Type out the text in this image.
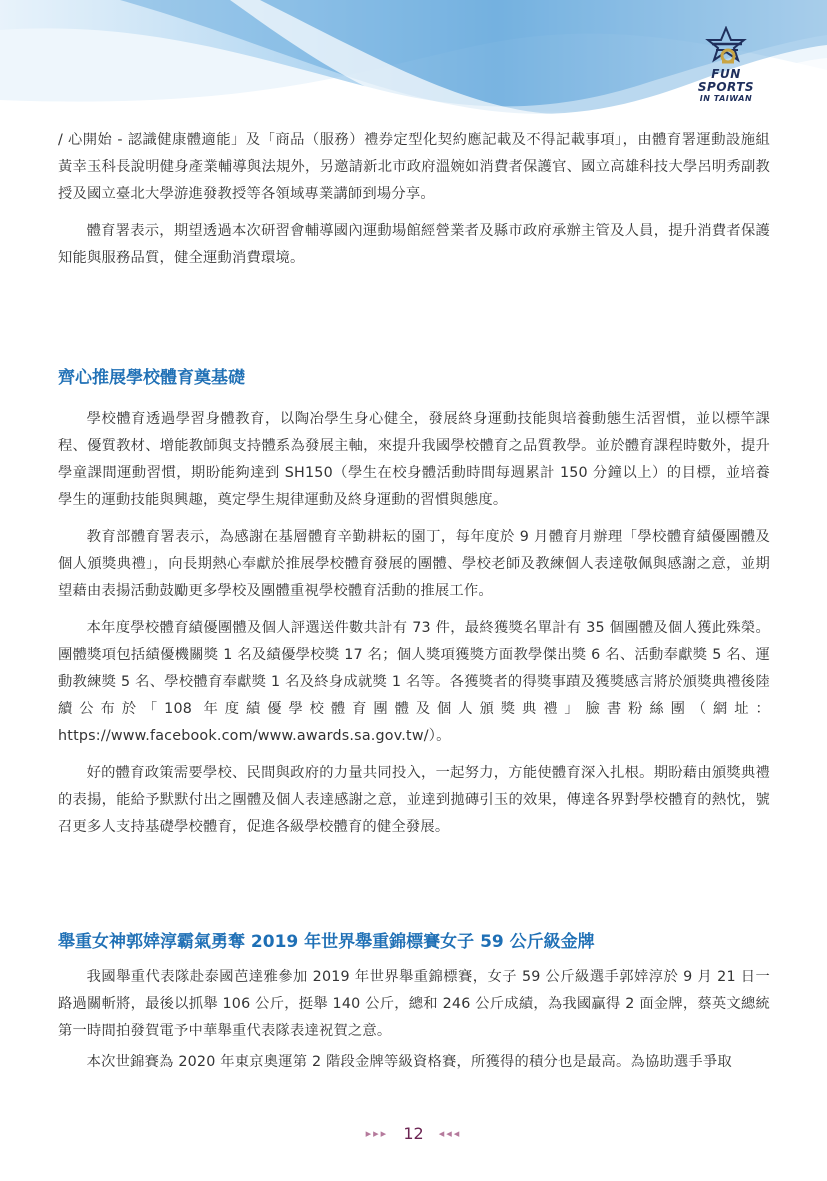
FUN SPORTS
IN TAIWAN

/ 心開始 - 認識健康體適能」及「商品（服務）禮券定型化契約應記載及不得記載事項」，由體育署運動設施組黃幸玉科長說明健身產業輔導與法規外，另邀請新北市政府溫婉如消費者保護官、國立高雄科技大學呂明秀副教授及國立臺北大學游進發教授等各領域專業講師到場分享。

體育署表示，期望透過本次研習會輔導國內運動場館經營業者及縣市政府承辦主管及人員，提升消費者保護知能與服務品質，健全運動消費環境。

齊心推展學校體育奠基礎

學校體育透過學習身體教育，以陶冶學生身心健全，發展終身運動技能與培養動態生活習慣，並以標竿課程、優質教材、增能教師與支持體系為發展主軸，來提升我國學校體育之品質教學。並於體育課程時數外，提升學童課間運動習慣，期盼能夠達到 SH150（學生在校身體活動時間每週累計 150 分鐘以上）的目標，並培養學生的運動技能與興趣，奠定學生規律運動及終身運動的習慣與態度。

教育部體育署表示，為感謝在基層體育辛勤耕耘的園丁，每年度於 9 月體育月辦理「學校體育績優團體及個人頒獎典禮」，向長期熱心奉獻於推展學校體育發展的團體、學校老師及教練個人表達敬佩與感謝之意，並期望藉由表揚活動鼓勵更多學校及團體重視學校體育活動的推展工作。

本年度學校體育績優團體及個人評選送件數共計有 73 件，最終獲獎名單計有 35 個團體及個人獲此殊榮。團體獎項包括績優機關獎 1 名及績優學校獎 17 名；個人獎項獲獎方面教學傑出獎 6 名、活動奉獻獎 5 名、運動教練獎 5 名、學校體育奉獻獎 1 名及終身成就獎 1 名等。各獲獎者的得獎事蹟及獲獎感言將於頒獎典禮後陸續公布於「108 年度績優學校體育團體及個人頒獎典禮」臉書粉絲團（網址：https://www.facebook.com/www.awards.sa.gov.tw/）。

好的體育政策需要學校、民間與政府的力量共同投入，一起努力，方能使體育深入扎根。期盼藉由頒獎典禮的表揚，能給予默默付出之團體及個人表達感謝之意，並達到拋磚引玉的效果，傳達各界對學校體育的熱忱，號召更多人支持基礎學校體育，促進各級學校體育的健全發展。

舉重女神郭婞淳霸氣勇奪 2019 年世界舉重錦標賽女子 59 公斤級金牌

我國舉重代表隊赴泰國芭達雅參加 2019 年世界舉重錦標賽，女子 59 公斤級選手郭婞淳於 9 月 21 日一路過關斬將，最後以抓舉 106 公斤，挺舉 140 公斤，總和 246 公斤成績，為我國贏得 2 面金牌，蔡英文總統第一時間拍發賀電予中華舉重代表隊表達祝賀之意。

本次世錦賽為 2020 年東京奧運第 2 階段金牌等級資格賽，所獲得的積分也是最高。為協助選手爭取

▸▸▸ 12 ◂◂◂
